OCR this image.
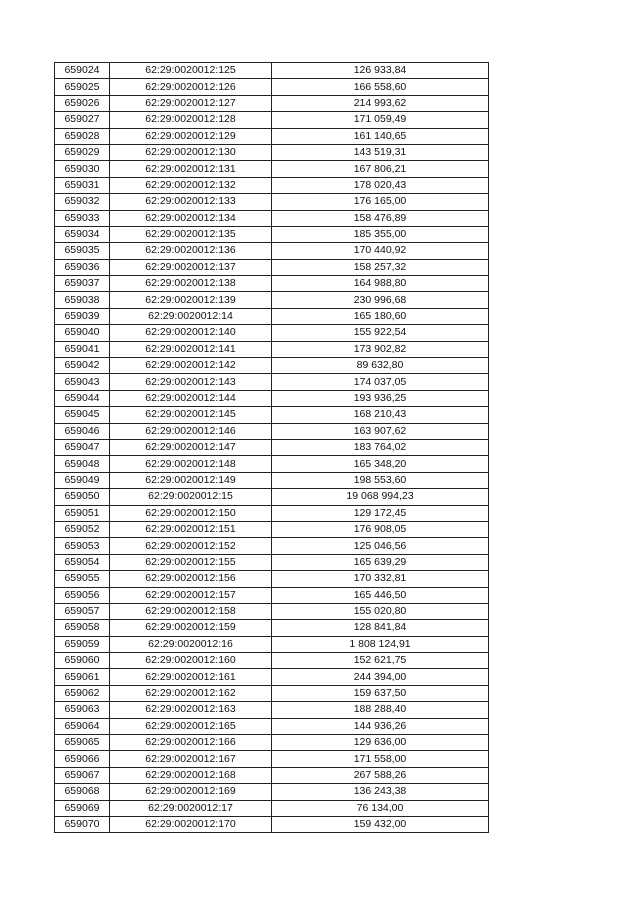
659024	62:29:0020012:125	126 933,84
659025	62:29:0020012:126	166 558,60
659026	62:29:0020012:127	214 993,62
659027	62:29:0020012:128	171 059,49
659028	62:29:0020012:129	161 140,65
659029	62:29:0020012:130	143 519,31
659030	62:29:0020012:131	167 806,21
659031	62:29:0020012:132	178 020,43
659032	62:29:0020012:133	176 165,00
659033	62:29:0020012:134	158 476,89
659034	62:29:0020012:135	185 355,00
659035	62:29:0020012:136	170 440,92
659036	62:29:0020012:137	158 257,32
659037	62:29:0020012:138	164 988,80
659038	62:29:0020012:139	230 996,68
659039	62:29:0020012:14	165 180,60
659040	62:29:0020012:140	155 922,54
659041	62:29:0020012:141	173 902,82
659042	62:29:0020012:142	89 632,80
659043	62:29:0020012:143	174 037,05
659044	62:29:0020012:144	193 936,25
659045	62:29:0020012:145	168 210,43
659046	62:29:0020012:146	163 907,62
659047	62:29:0020012:147	183 764,02
659048	62:29:0020012:148	165 348,20
659049	62:29:0020012:149	198 553,60
659050	62:29:0020012:15	19 068 994,23
659051	62:29:0020012:150	129 172,45
659052	62:29:0020012:151	176 908,05
659053	62:29:0020012:152	125 046,56
659054	62:29:0020012:155	165 639,29
659055	62:29:0020012:156	170 332,81
659056	62:29:0020012:157	165 446,50
659057	62:29:0020012:158	155 020,80
659058	62:29:0020012:159	128 841,84
659059	62:29:0020012:16	1 808 124,91
659060	62:29:0020012:160	152 621,75
659061	62:29:0020012:161	244 394,00
659062	62:29:0020012:162	159 637,50
659063	62:29:0020012:163	188 288,40
659064	62:29:0020012:165	144 936,26
659065	62:29:0020012:166	129 636,00
659066	62:29:0020012:167	171 558,00
659067	62:29:0020012:168	267 588,26
659068	62:29:0020012:169	136 243,38
659069	62:29:0020012:17	76 134,00
659070	62:29:0020012:170	159 432,00
